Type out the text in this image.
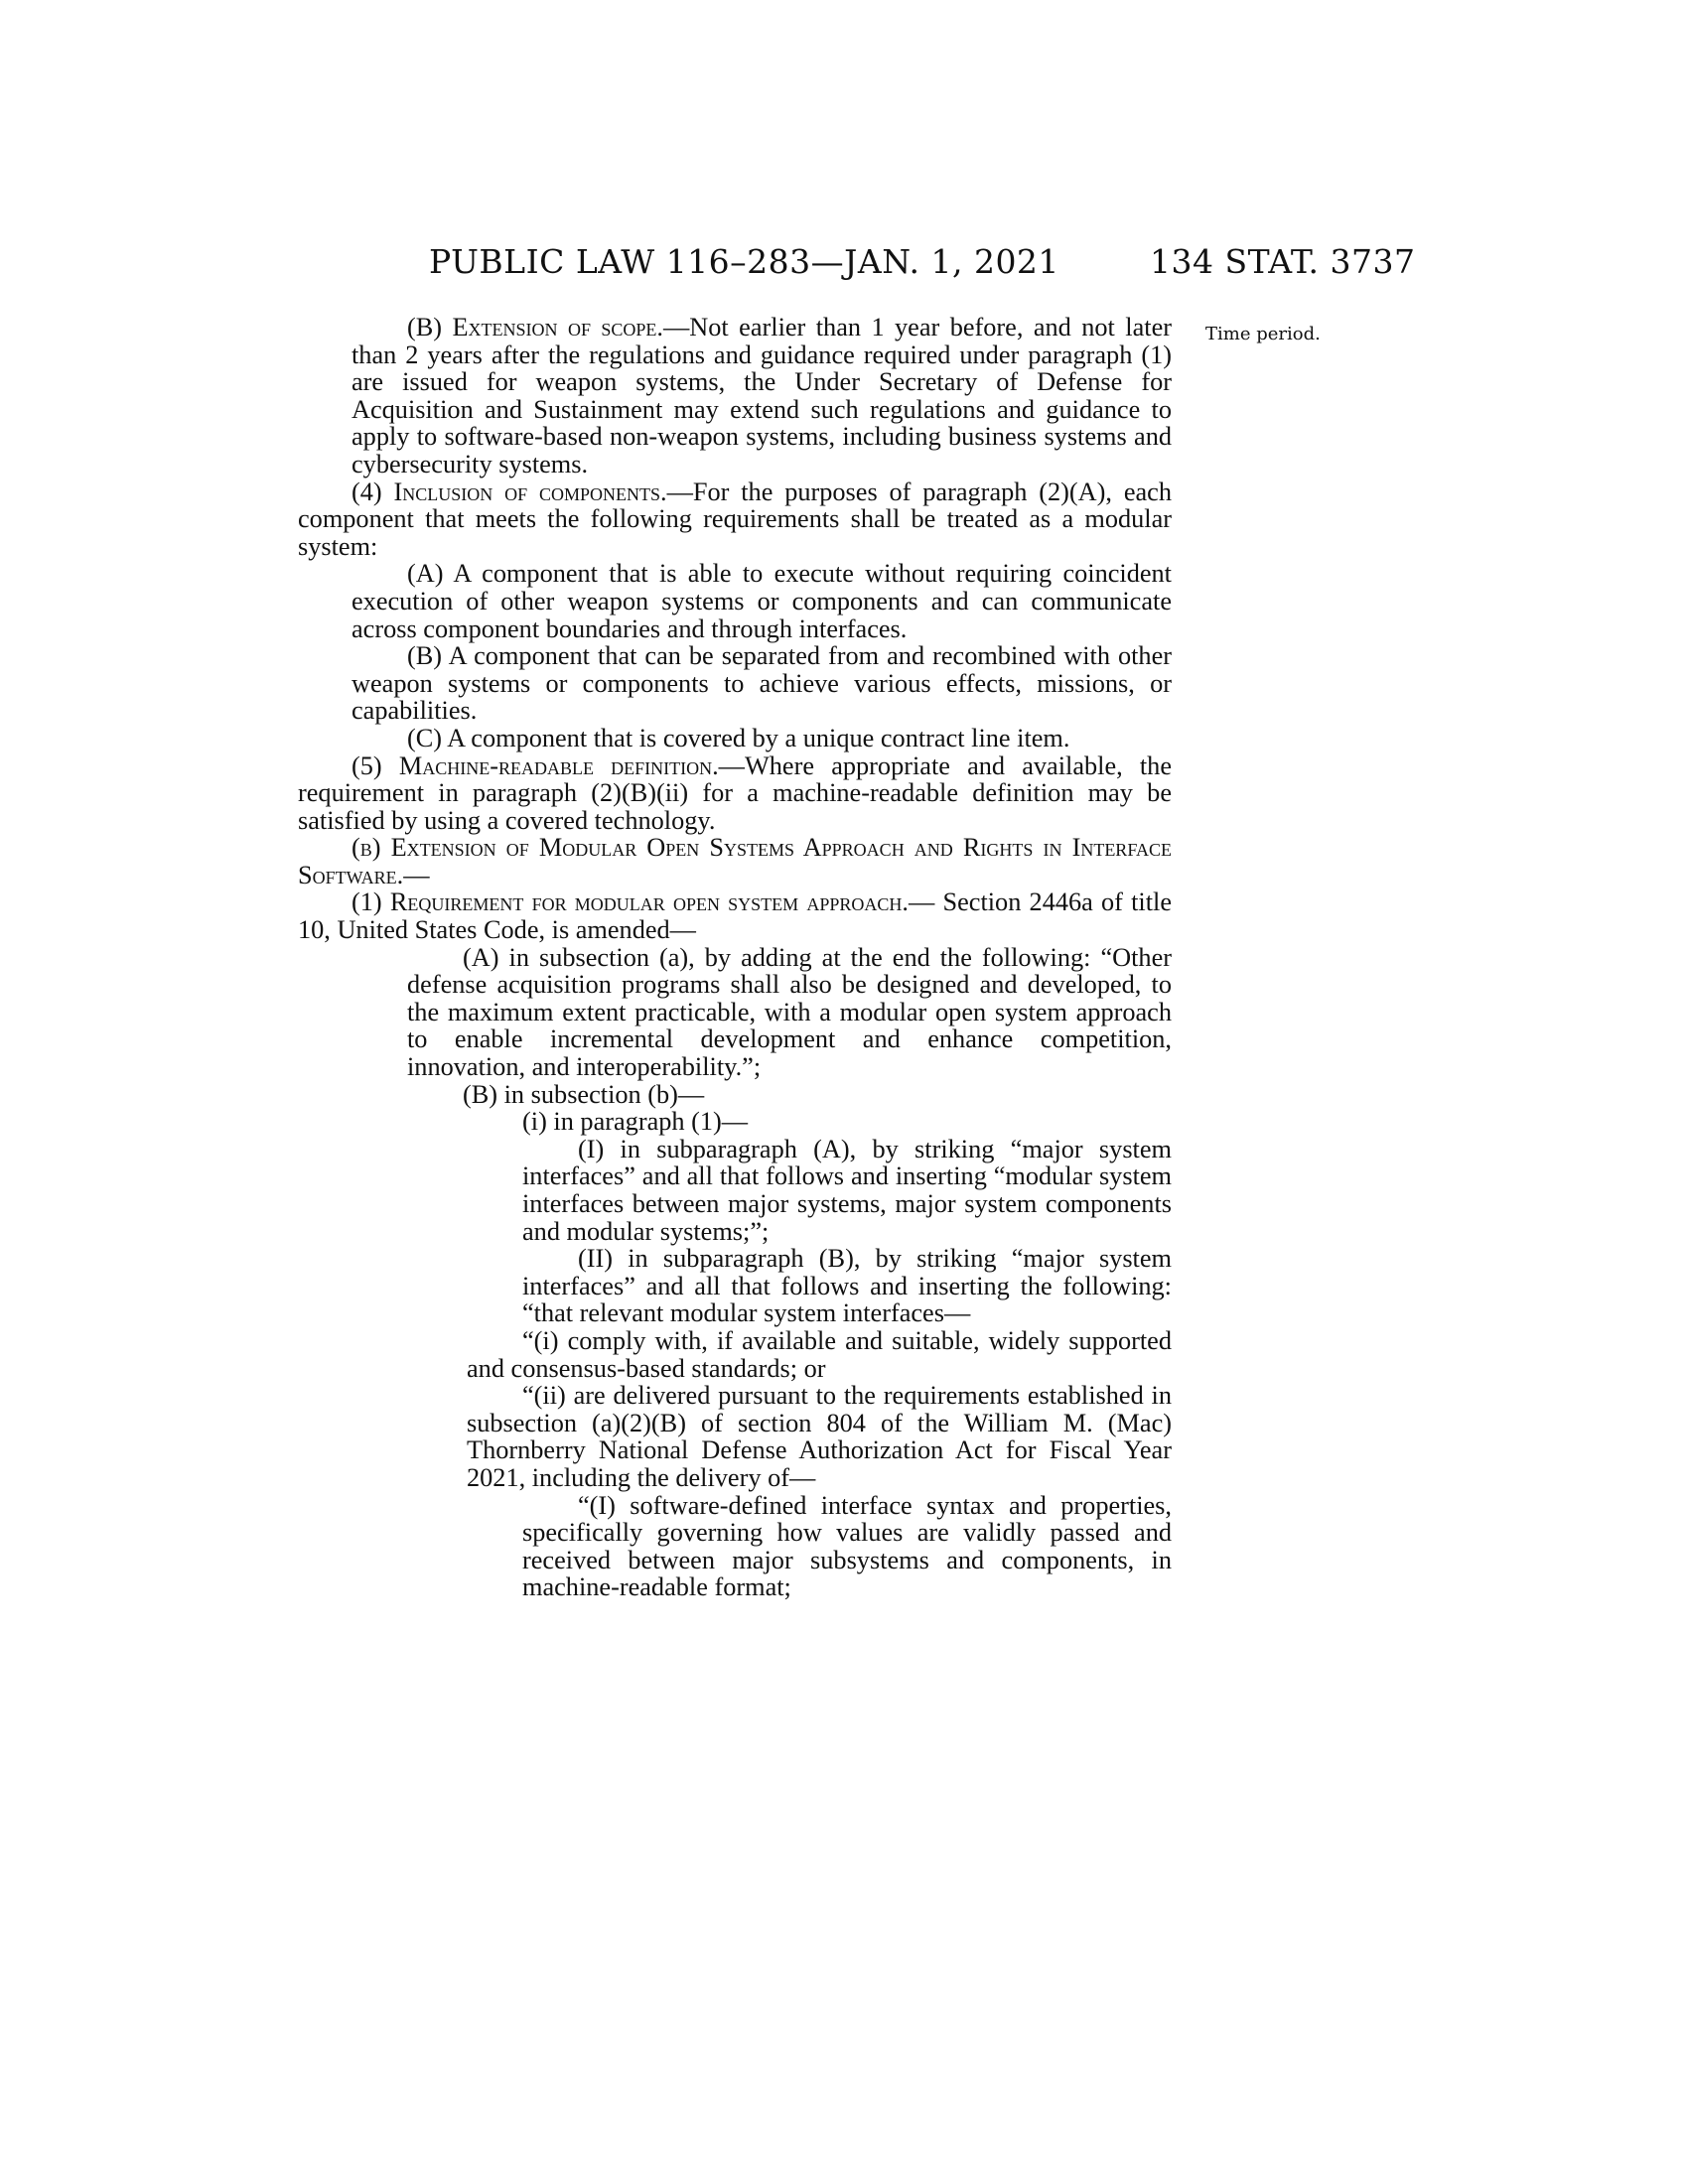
PUBLIC LAW 116–283—JAN. 1, 2021	134 STAT. 3737
Time period.

(B) Extension of scope.—Not earlier than 1 year before, and not later than 2 years after the regulations and guidance required under paragraph (1) are issued for weapon systems, the Under Secretary of Defense for Acquisition and Sustainment may extend such regulations and guidance to apply to software-based non-weapon systems, including business systems and cybersecurity systems.

(4) Inclusion of components.—For the purposes of paragraph (2)(A), each component that meets the following requirements shall be treated as a modular system:

(A) A component that is able to execute without requiring coincident execution of other weapon systems or components and can communicate across component boundaries and through interfaces.

(B) A component that can be separated from and recombined with other weapon systems or components to achieve various effects, missions, or capabilities.

(C) A component that is covered by a unique contract line item.

(5) Machine-readable definition.—Where appropriate and available, the requirement in paragraph (2)(B)(ii) for a machine-readable definition may be satisfied by using a covered technology.

(b) Extension of Modular Open Systems Approach and Rights in Interface Software.—

(1) Requirement for modular open system approach.— Section 2446a of title 10, United States Code, is amended—

(A) in subsection (a), by adding at the end the following: “Other defense acquisition programs shall also be designed and developed, to the maximum extent practicable, with a modular open system approach to enable incremental development and enhance competition, innovation, and interoperability.”;

(B) in subsection (b)—

(i) in paragraph (1)—

(I) in subparagraph (A), by striking “major system interfaces” and all that follows and inserting “modular system interfaces between major systems, major system components and modular systems;”;

(II) in subparagraph (B), by striking “major system interfaces” and all that follows and inserting the following: “that relevant modular system interfaces—

“(i) comply with, if available and suitable, widely supported and consensus-based standards; or

“(ii) are delivered pursuant to the requirements established in subsection (a)(2)(B) of section 804 of the William M. (Mac) Thornberry National Defense Authorization Act for Fiscal Year 2021, including the delivery of—

“(I) software-defined interface syntax and properties, specifically governing how values are validly passed and received between major subsystems and components, in machine-readable format;
